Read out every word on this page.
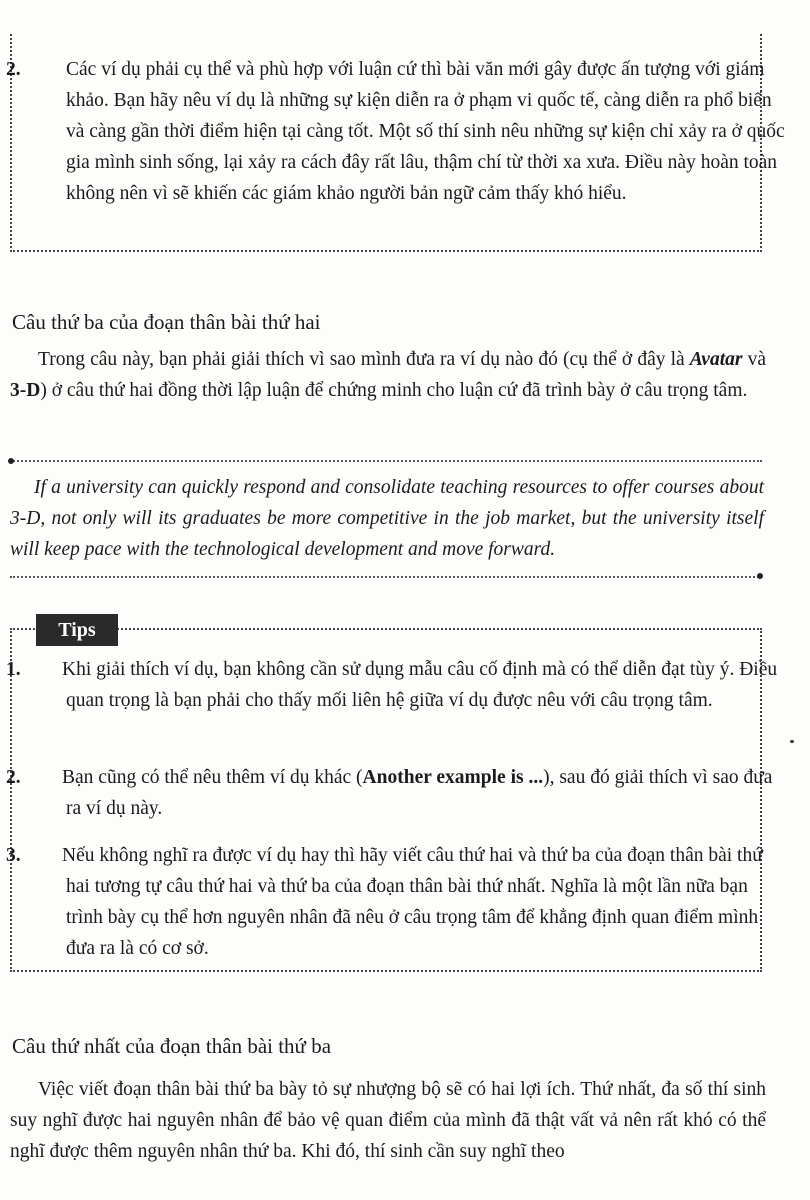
2. Các ví dụ phải cụ thể và phù hợp với luận cứ thì bài văn mới gây được ấn tượng với giám khảo. Bạn hãy nêu ví dụ là những sự kiện diễn ra ở phạm vi quốc tế, càng diễn ra phổ biến và càng gần thời điểm hiện tại càng tốt. Một số thí sinh nêu những sự kiện chỉ xảy ra ở quốc gia mình sinh sống, lại xảy ra cách đây rất lâu, thậm chí từ thời xa xưa. Điều này hoàn toàn không nên vì sẽ khiến các giám khảo người bản ngữ cảm thấy khó hiểu.
Câu thứ ba của đoạn thân bài thứ hai

Trong câu này, bạn phải giải thích vì sao mình đưa ra ví dụ nào đó (cụ thể ở đây là Avatar và 3-D) ở câu thứ hai đồng thời lập luận để chứng minh cho luận cứ đã trình bày ở câu trọng tâm.

If a university can quickly respond and consolidate teaching resources to offer courses about 3-D, not only will its graduates be more competitive in the job market, but the university itself will keep pace with the technological development and move forward.

Tips
1. Khi giải thích ví dụ, bạn không cần sử dụng mẫu câu cố định mà có thể diễn đạt tùy ý. Điều quan trọng là bạn phải cho thấy mối liên hệ giữa ví dụ được nêu với câu trọng tâm.
2. Bạn cũng có thể nêu thêm ví dụ khác (Another example is ...), sau đó giải thích vì sao đưa ra ví dụ này.
3. Nếu không nghĩ ra được ví dụ hay thì hãy viết câu thứ hai và thứ ba của đoạn thân bài thứ hai tương tự câu thứ hai và thứ ba của đoạn thân bài thứ nhất. Nghĩa là một lần nữa bạn trình bày cụ thể hơn nguyên nhân đã nêu ở câu trọng tâm để khẳng định quan điểm mình đưa ra là có cơ sở.
Câu thứ nhất của đoạn thân bài thứ ba

Việc viết đoạn thân bài thứ ba bày tỏ sự nhượng bộ sẽ có hai lợi ích. Thứ nhất, đa số thí sinh suy nghĩ được hai nguyên nhân để bảo vệ quan điểm của mình đã thật vất vả nên rất khó có thể nghĩ được thêm nguyên nhân thứ ba. Khi đó, thí sinh cần suy nghĩ theo
